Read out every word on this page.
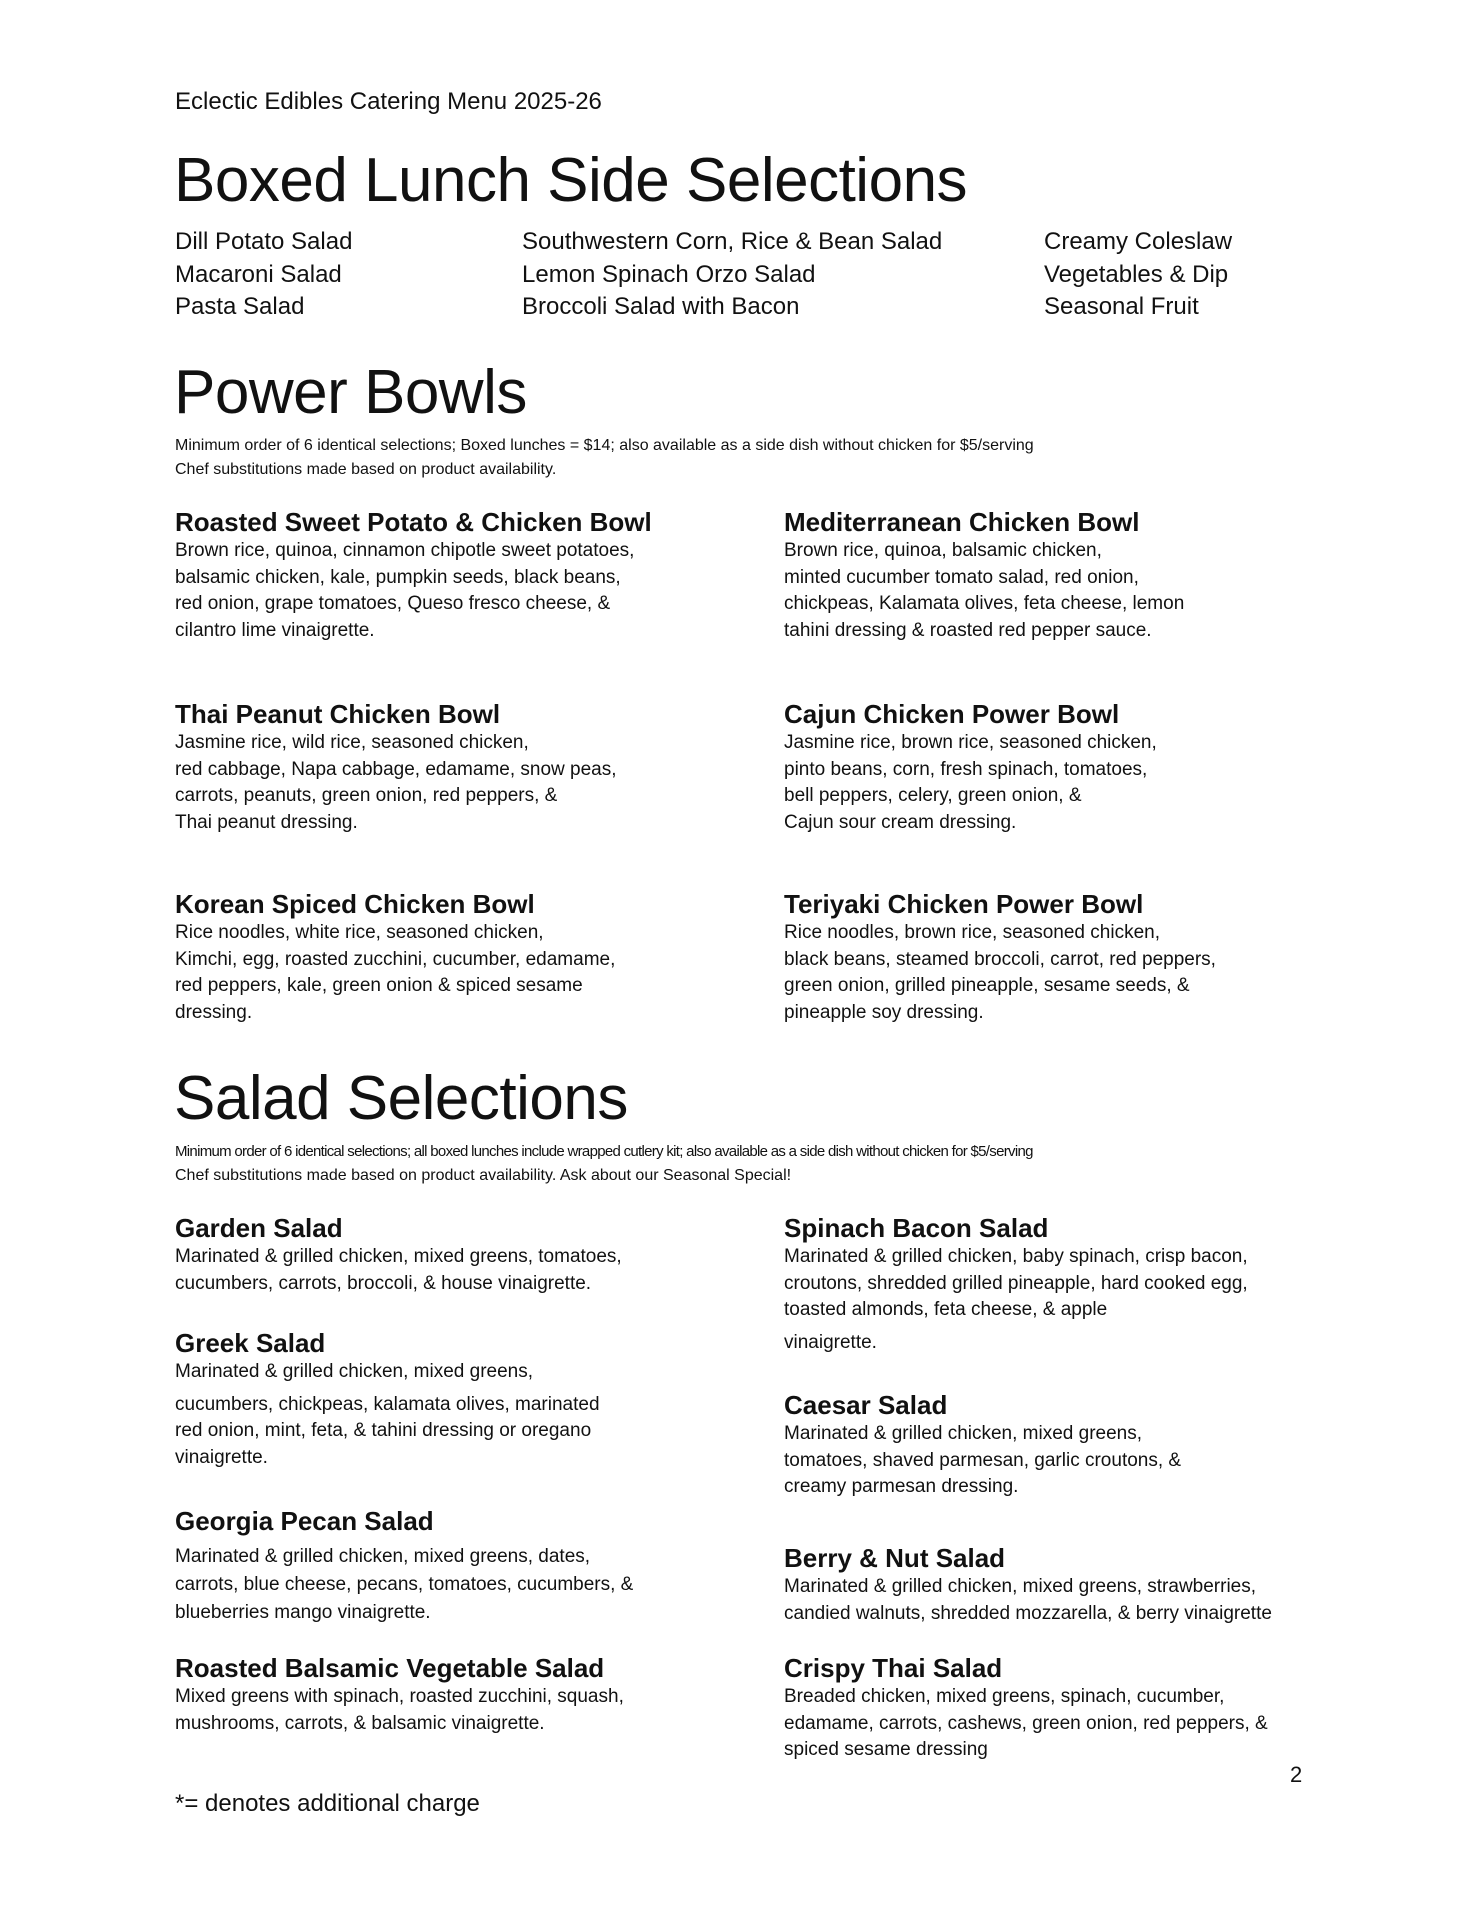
Eclectic Edibles Catering Menu 2025-26
Boxed Lunch Side Selections
Dill Potato Salad
Macaroni Salad
Pasta Salad
Southwestern Corn, Rice & Bean Salad
Lemon Spinach Orzo Salad
Broccoli Salad with Bacon
Creamy Coleslaw
Vegetables & Dip
Seasonal Fruit
Power Bowls
Minimum order of 6 identical selections; Boxed lunches = $14; also available as a side dish without chicken for $5/serving
Chef substitutions made based on product availability.
Roasted Sweet Potato & Chicken Bowl
Brown rice, quinoa, cinnamon chipotle sweet potatoes,
balsamic chicken, kale, pumpkin seeds, black beans,
red onion, grape tomatoes, Queso fresco cheese, &
cilantro lime vinaigrette.
Mediterranean Chicken Bowl
Brown rice, quinoa, balsamic chicken,
minted cucumber tomato salad, red onion,
chickpeas, Kalamata olives, feta cheese, lemon
tahini dressing & roasted red pepper sauce.
Thai Peanut Chicken Bowl
Jasmine rice, wild rice, seasoned chicken,
red cabbage, Napa cabbage, edamame, snow peas,
carrots, peanuts, green onion, red peppers, &
Thai peanut dressing.
Cajun Chicken Power Bowl
Jasmine rice, brown rice, seasoned chicken,
pinto beans, corn, fresh spinach, tomatoes,
bell peppers, celery, green onion, &
Cajun sour cream dressing.
Korean Spiced Chicken Bowl
Rice noodles, white rice, seasoned chicken,
Kimchi, egg, roasted zucchini, cucumber, edamame,
red peppers, kale, green onion & spiced sesame
dressing.
Teriyaki Chicken Power Bowl
Rice noodles, brown rice, seasoned chicken,
black beans, steamed broccoli, carrot, red peppers,
green onion, grilled pineapple, sesame seeds, &
pineapple soy dressing.
Salad Selections
Minimum order of 6 identical selections; all boxed lunches include wrapped cutlery kit; also available as a side dish without chicken for $5/serving
Chef substitutions made based on product availability. Ask about our Seasonal Special!
Garden Salad
Marinated & grilled chicken, mixed greens, tomatoes,
cucumbers, carrots, broccoli, & house vinaigrette.
Spinach Bacon Salad
Marinated & grilled chicken, baby spinach, crisp bacon,
croutons, shredded grilled pineapple, hard cooked egg,
toasted almonds, feta cheese, & apple
vinaigrette.
Greek Salad
Marinated & grilled chicken, mixed greens,
cucumbers, chickpeas, kalamata olives, marinated
red onion, mint, feta, & tahini dressing or oregano
vinaigrette.
Caesar Salad
Marinated & grilled chicken, mixed greens,
tomatoes, shaved parmesan, garlic croutons, &
creamy parmesan dressing.
Georgia Pecan Salad
Marinated & grilled chicken, mixed greens, dates,
carrots, blue cheese, pecans, tomatoes, cucumbers, &
blueberries mango vinaigrette.
Berry & Nut Salad
Marinated & grilled chicken, mixed greens, strawberries,
candied walnuts, shredded mozzarella, & berry vinaigrette
Roasted Balsamic Vegetable Salad
Mixed greens with spinach, roasted zucchini, squash,
mushrooms, carrots, & balsamic vinaigrette.
Crispy Thai Salad
Breaded chicken, mixed greens, spinach, cucumber,
edamame, carrots, cashews, green onion, red peppers, &
spiced sesame dressing
2
*= denotes additional charge
